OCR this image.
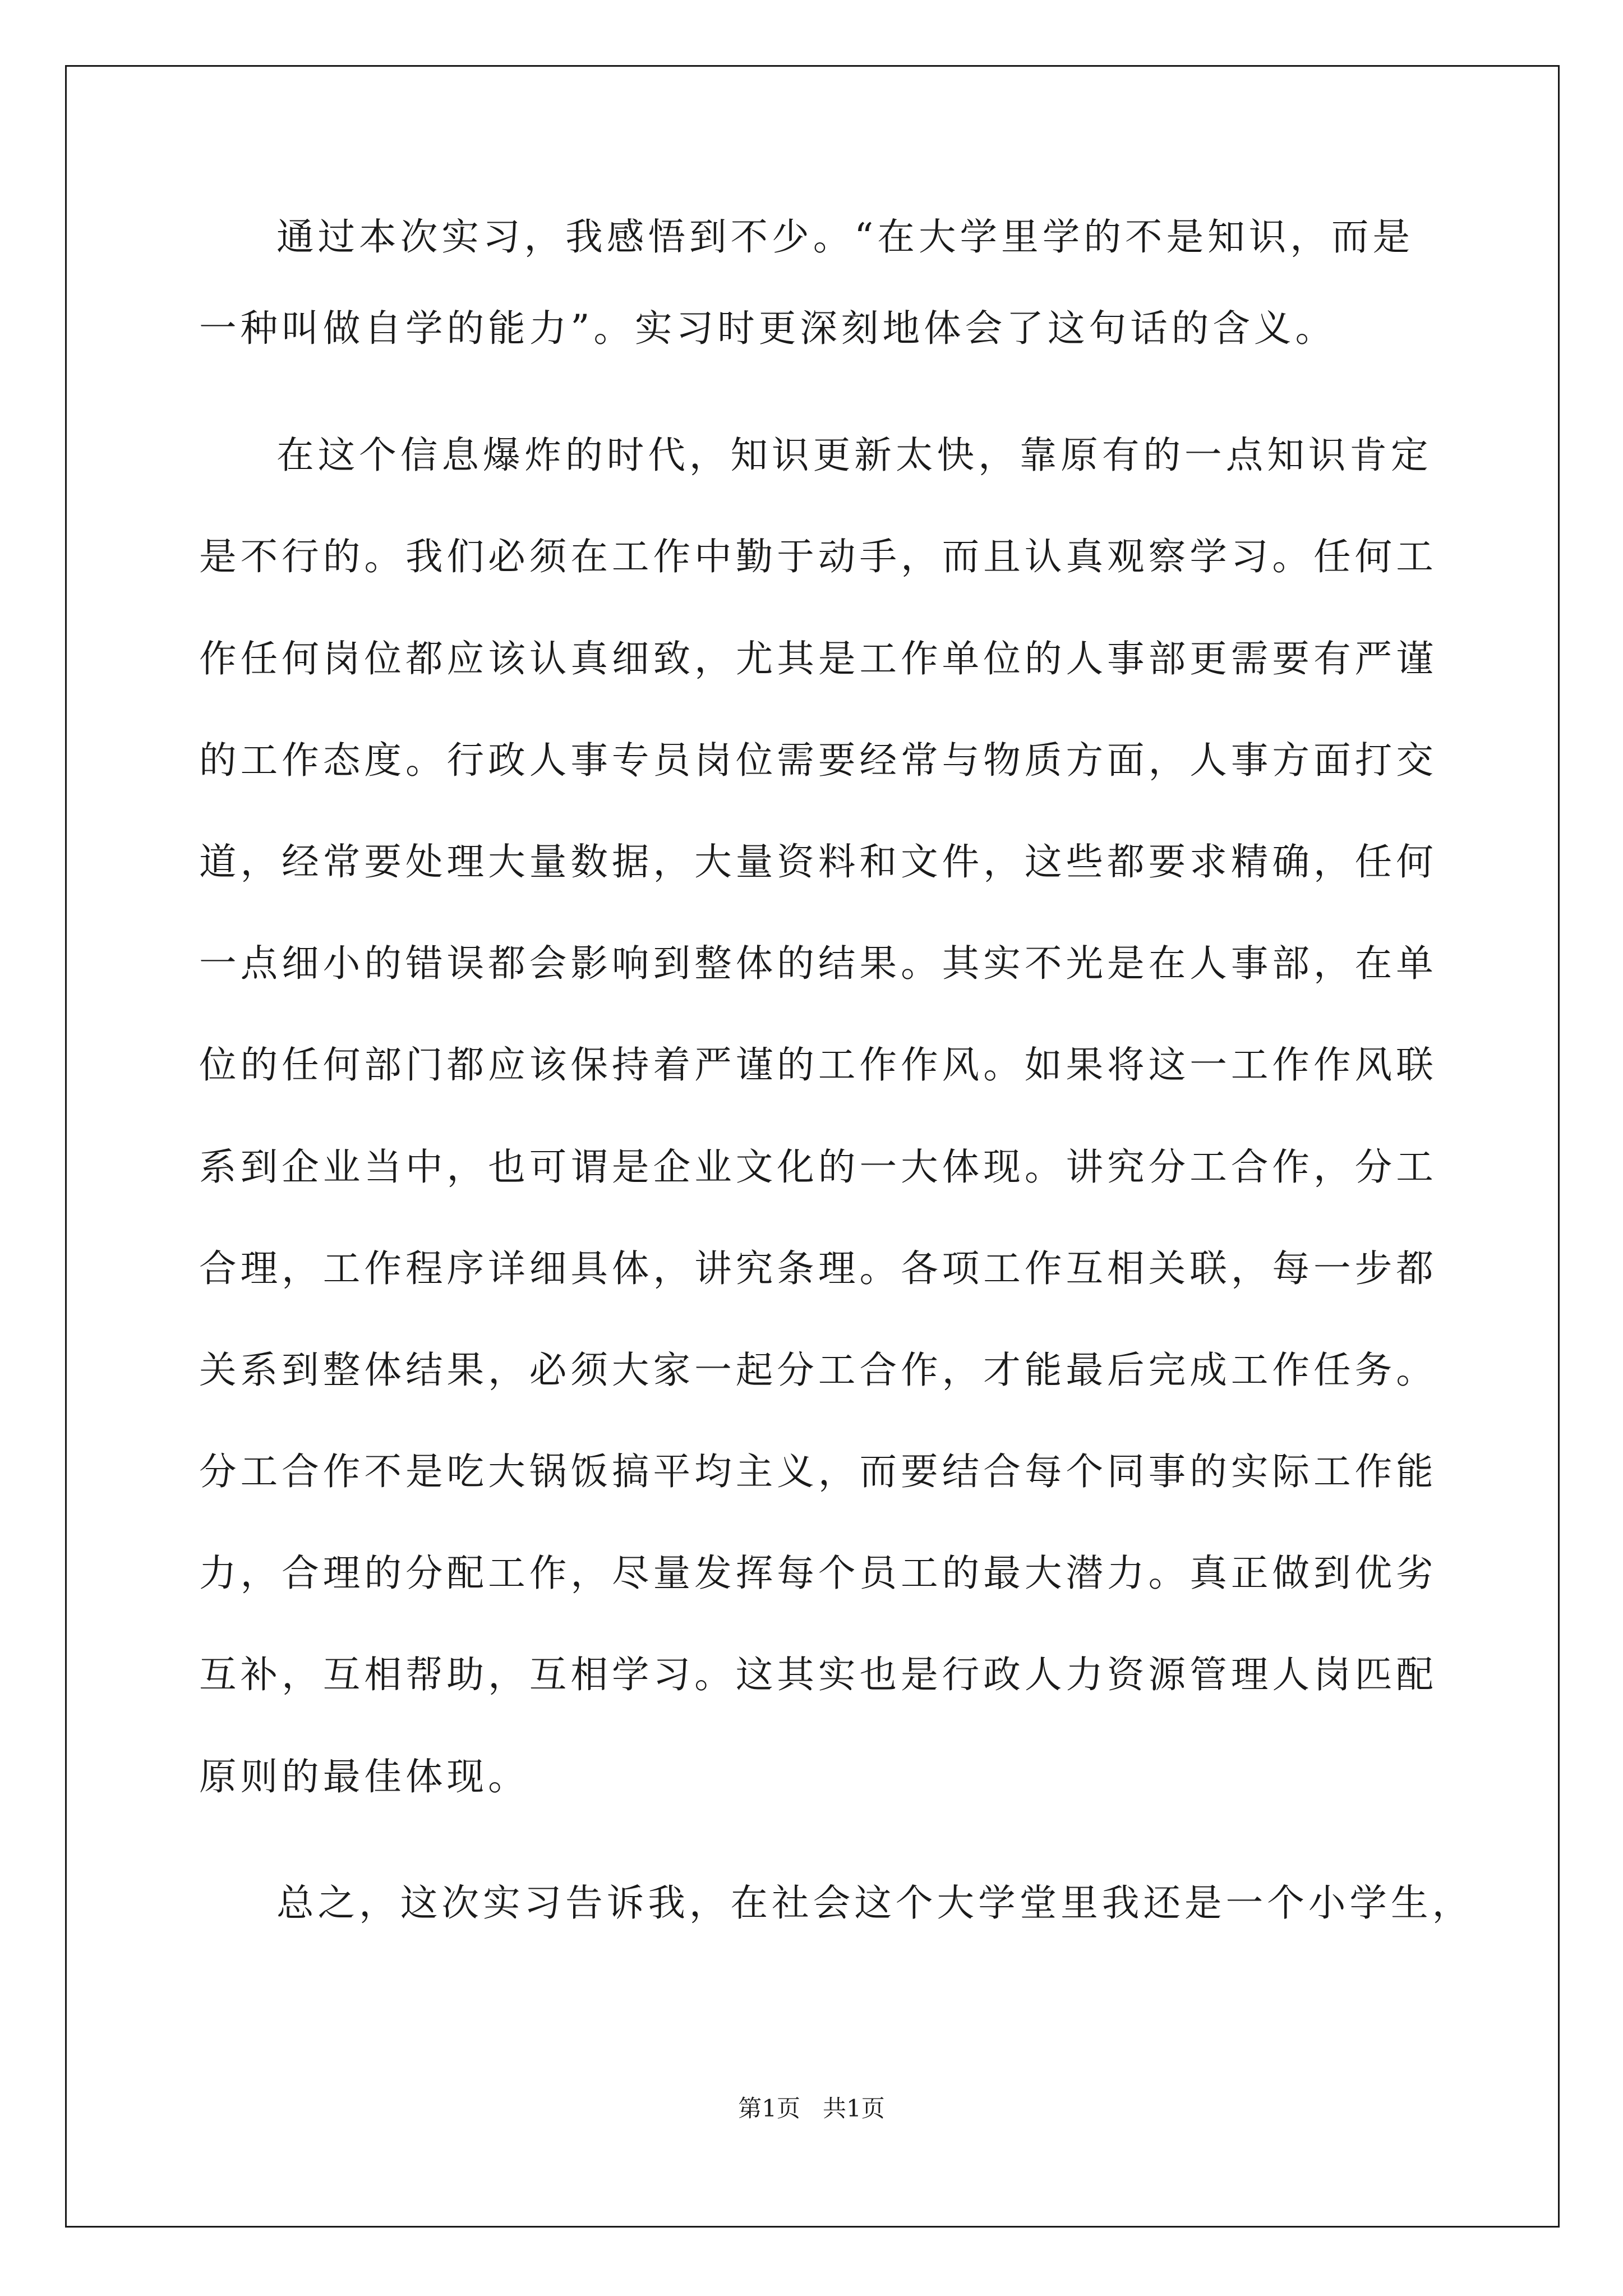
通过本次实习，我感悟到不少。“在大学里学的不是知识，而是
一种叫做自学的能力”。实习时更深刻地体会了这句话的含义。
在这个信息爆炸的时代，知识更新太快，靠原有的一点知识肯定
是不行的。我们必须在工作中勤于动手，而且认真观察学习。任何工
作任何岗位都应该认真细致，尤其是工作单位的人事部更需要有严谨
的工作态度。行政人事专员岗位需要经常与物质方面，人事方面打交
道，经常要处理大量数据，大量资料和文件，这些都要求精确，任何
一点细小的错误都会影响到整体的结果。其实不光是在人事部，在单
位的任何部门都应该保持着严谨的工作作风。如果将这一工作作风联
系到企业当中，也可谓是企业文化的一大体现。讲究分工合作，分工
合理，工作程序详细具体，讲究条理。各项工作互相关联，每一步都
关系到整体结果，必须大家一起分工合作，才能最后完成工作任务。
分工合作不是吃大锅饭搞平均主义，而要结合每个同事的实际工作能
力，合理的分配工作，尽量发挥每个员工的最大潜力。真正做到优劣
互补，互相帮助，互相学习。这其实也是行政人力资源管理人岗匹配
原则的最佳体现。
总之，这次实习告诉我，在社会这个大学堂里我还是一个小学生，
第1页 共1页
